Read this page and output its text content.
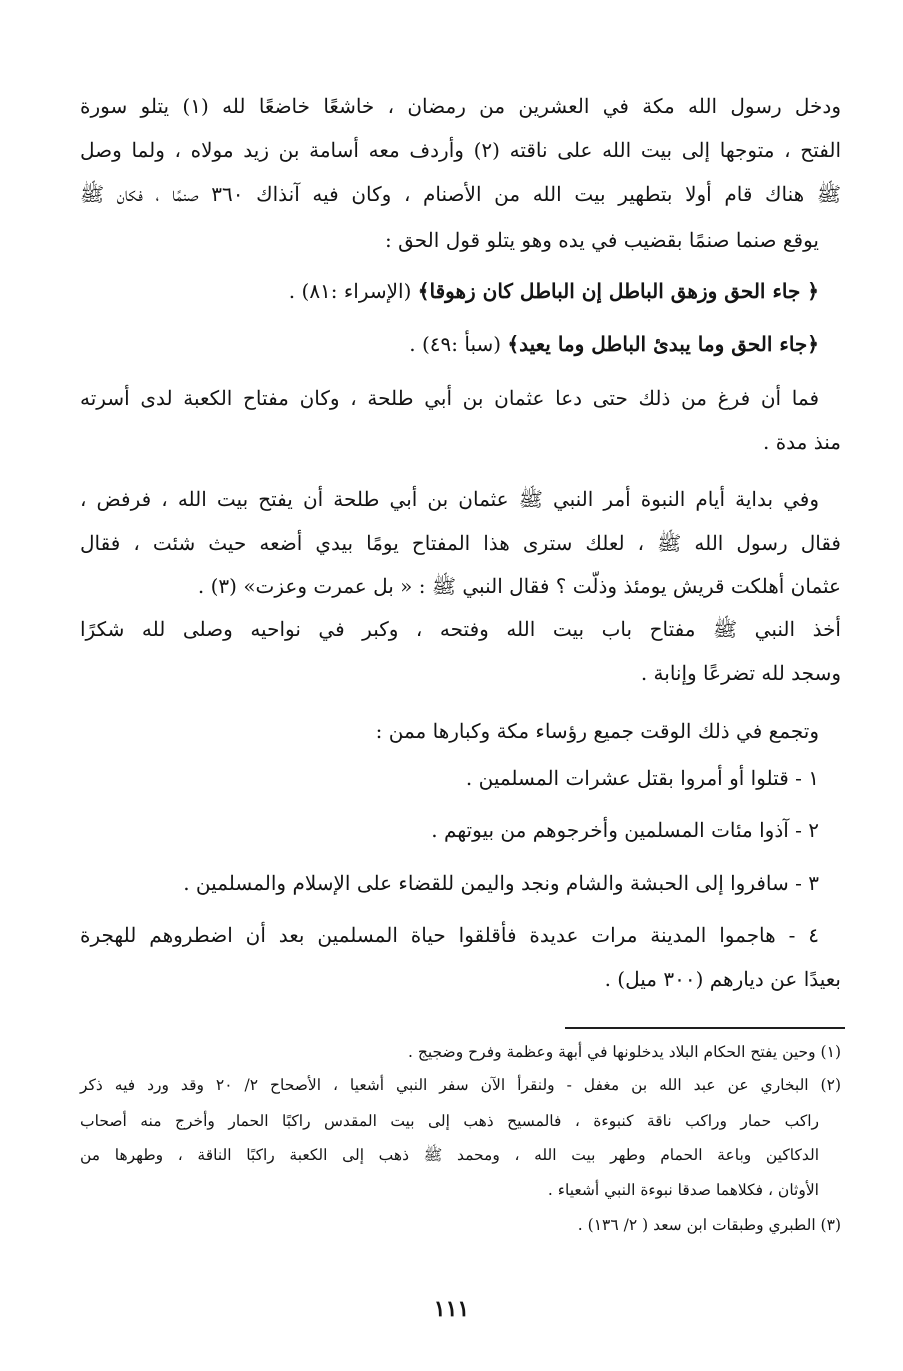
ودخل رسول الله مكة في العشرين من رمضان ، خاشعًا خاضعًا لله (١) يتلو سورة
الفتح ، متوجها إلى بيت الله على ناقته (٢) وأردف معه أسامة بن زيد مولاه ، ولما وصل
ﷺ هناك قام أولا بتطهير بيت الله من الأصنام ، وكان فيه آنذاك ٣٦٠ صنمًا ، فكان ﷺ
يوقع صنما صنمًا بقضيب في يده وهو يتلو قول الحق :
﴿ جاء الحق وزهق الباطل إن الباطل كان زهوقا﴾ (الإسراء :٨١) .
﴿جاء الحق وما يبدئ الباطل وما يعيد﴾ (سبأ :٤٩) .
فما أن فرغ من ذلك حتى دعا عثمان بن أبي طلحة ، وكان مفتاح الكعبة لدى أسرته
منذ مدة .
وفي بداية أيام النبوة أمر النبي ﷺ عثمان بن أبي طلحة أن يفتح بيت الله ، فرفض ،
فقال رسول الله ﷺ ، لعلك سترى هذا المفتاح يومًا بيدي أضعه حيث شئت ، فقال
عثمان أهلكت قريش يومئذ وذلّت ؟ فقال النبي ﷺ : « بل عمرت وعزت» (٣) .
أخذ النبي ﷺ مفتاح باب بيت الله وفتحه ، وكبر في نواحيه وصلى لله شكرًا
وسجد لله تضرعًا وإنابة .
وتجمع في ذلك الوقت جميع رؤساء مكة وكبارها ممن :
١ - قتلوا أو أمروا بقتل عشرات المسلمين .
٢ - آذوا مئات المسلمين وأخرجوهم من بيوتهم .
٣ - سافروا إلى الحبشة والشام ونجد واليمن للقضاء على الإسلام والمسلمين .
٤ - هاجموا المدينة مرات عديدة فأقلقوا حياة المسلمين بعد أن اضطروهم للهجرة
بعيدًا عن ديارهم (٣٠٠ ميل) .
(١) وحين يفتح الحكام البلاد يدخلونها في أبهة وعظمة وفرح وضجيج .
(٢) البخاري عن عبد الله بن مغفل - ولنقرأ الآن سفر النبي أشعيا ، الأصحاح ٢/ ٢٠ وقد ورد فيه ذكر
راكب حمار وراكب ناقة كنبوءة ، فالمسيح ذهب إلى بيت المقدس راكبًا الحمار وأخرج منه أصحاب
الدكاكين وباعة الحمام وطهر بيت الله ، ومحمد ﷺ ذهب إلى الكعبة راكبًا الناقة ، وطهرها من
الأوثان ، فكلاهما صدقا نبوءة النبي أشعياء .
(٣) الطبري وطبقات ابن سعد ( ٢/ ١٣٦) .
١١١
